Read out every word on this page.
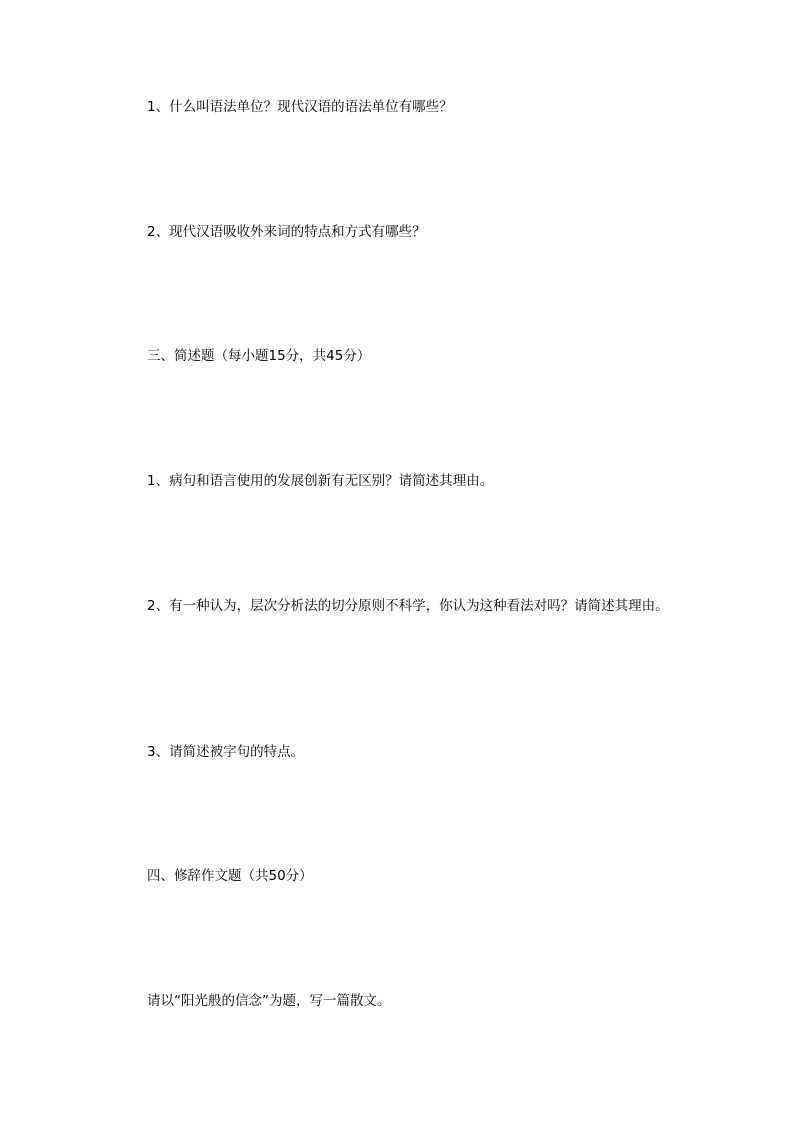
1、什么叫语法单位？现代汉语的语法单位有哪些？
2、现代汉语吸收外来词的特点和方式有哪些？
三、简述题（每小题15分，共45分）
1、病句和语言使用的发展创新有无区别？请简述其理由。
2、有一种认为，层次分析法的切分原则不科学，你认为这种看法对吗？请简述其理由。
3、请简述被字句的特点。
四、修辞作文题（共50分）
请以“阳光般的信念”为题，写一篇散文。
